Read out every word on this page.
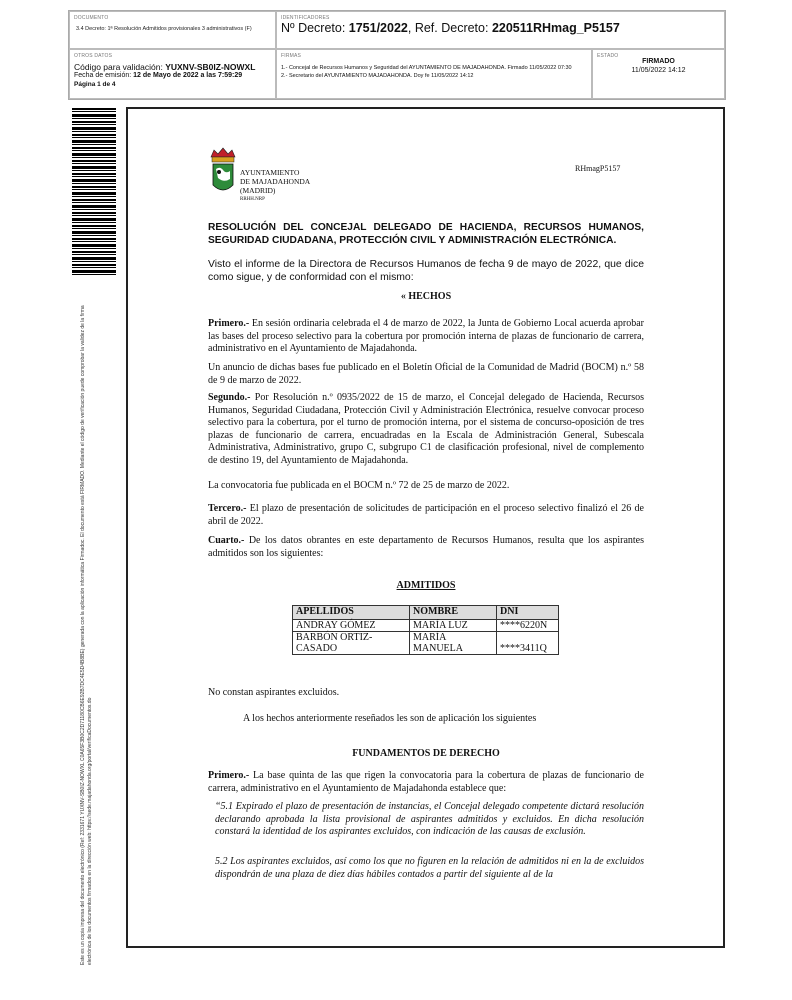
DOCUMENTO
3.4 Decreto: 1ª Resolución Admitidos provisionales 3 administrativos (F)
IDENTIFICADORES
Nº Decreto: 1751/2022, Ref. Decreto: 220511RHmag_P5157
OTROS DATOS
Código para validación: YUXNV-SB0IZ-NOWXL
Fecha de emisión: 12 de Mayo de 2022 a las 7:59:29
Página 1 de 4
FIRMAS
1.- Concejal de Recursos Humanos y Seguridad del AYUNTAMIENTO DE MAJADAHONDA. Firmado 11/05/2022 07:30
2.- Secretario del AYUNTAMIENTO MAJADAHONDA. Doy fe 11/05/2022 14:12
ESTADO
FIRMADO
11/05/2022 14:12
Este es un copia impresa del documento electrónico (Ref: 2331671 YUXNV-SB0IZ-NOWXL C0A65F3B0C2D71180CB6E92B7DC4E5D4B8BE) generada con la aplicación informática Firmadoc. El documento está FIRMADO. Mediante el código de verificación puede comprobar la validez de la firma electrónica de los documentos firmados en la dirección web: https://sede.majadahonda.org/portal/verificaDocumentos.do
AYUNTAMIENTO
DE MAJADAHONDA
(MADRID)
RRHH.NRP
RHmagP5157
RESOLUCIÓN DEL CONCEJAL DELEGADO DE HACIENDA, RECURSOS HUMANOS, SEGURIDAD CIUDADANA, PROTECCIÓN CIVIL Y ADMINISTRACIÓN ELECTRÓNICA.
Visto el informe de la Directora de Recursos Humanos de fecha 9 de mayo de 2022, que dice como sigue, y de conformidad con el mismo:
« HECHOS
Primero.- En sesión ordinaria celebrada el 4 de marzo de 2022, la Junta de Gobierno Local acuerda aprobar las bases del proceso selectivo para la cobertura por promoción interna de plazas de funcionario de carrera, administrativo en el Ayuntamiento de Majadahonda.
Un anuncio de dichas bases fue publicado en el Boletín Oficial de la Comunidad de Madrid (BOCM) n.º 58 de 9 de marzo de 2022.
Segundo.- Por Resolución n.º 0935/2022 de 15 de marzo, el Concejal delegado de Hacienda, Recursos Humanos, Seguridad Ciudadana, Protección Civil y Administración Electrónica, resuelve convocar proceso selectivo para la cobertura, por el turno de promoción interna, por el sistema de concurso-oposición de tres plazas de funcionario de carrera, encuadradas en la Escala de Administración General, Subescala Administrativa, Administrativo, grupo C, subgrupo C1 de clasificación profesional, nivel de complemento de destino 19, del Ayuntamiento de Majadahonda.
La convocatoria fue publicada en el BOCM n.º 72 de 25 de marzo de 2022.
Tercero.- El plazo de presentación de solicitudes de participación en el proceso selectivo finalizó el 26 de abril de 2022.
Cuarto.- De los datos obrantes en este departamento de Recursos Humanos, resulta que los aspirantes admitidos son los siguientes:
ADMITIDOS
APELLIDOS	NOMBRE	DNI
ANDRAY GÓMEZ	MARÍA LUZ	****6220N
BARBÓN ORTIZ-CASADO	MARÍA MANUELA	****3411Q
No constan aspirantes excluidos.
A los hechos anteriormente reseñados les son de aplicación los siguientes
FUNDAMENTOS DE DERECHO
Primero.- La base quinta de las que rigen la convocatoria para la cobertura de plazas de funcionario de carrera, administrativo en el Ayuntamiento de Majadahonda establece que:
“5.1 Expirado el plazo de presentación de instancias, el Concejal delegado competente dictará resolución declarando aprobada la lista provisional de aspirantes admitidos y excluidos. En dicha resolución constará la identidad de los aspirantes excluidos, con indicación de las causas de exclusión.
5.2 Los aspirantes excluidos, así como los que no figuren en la relación de admitidos ni en la de excluidos dispondrán de una plaza de diez días hábiles contados a partir del siguiente al de la
